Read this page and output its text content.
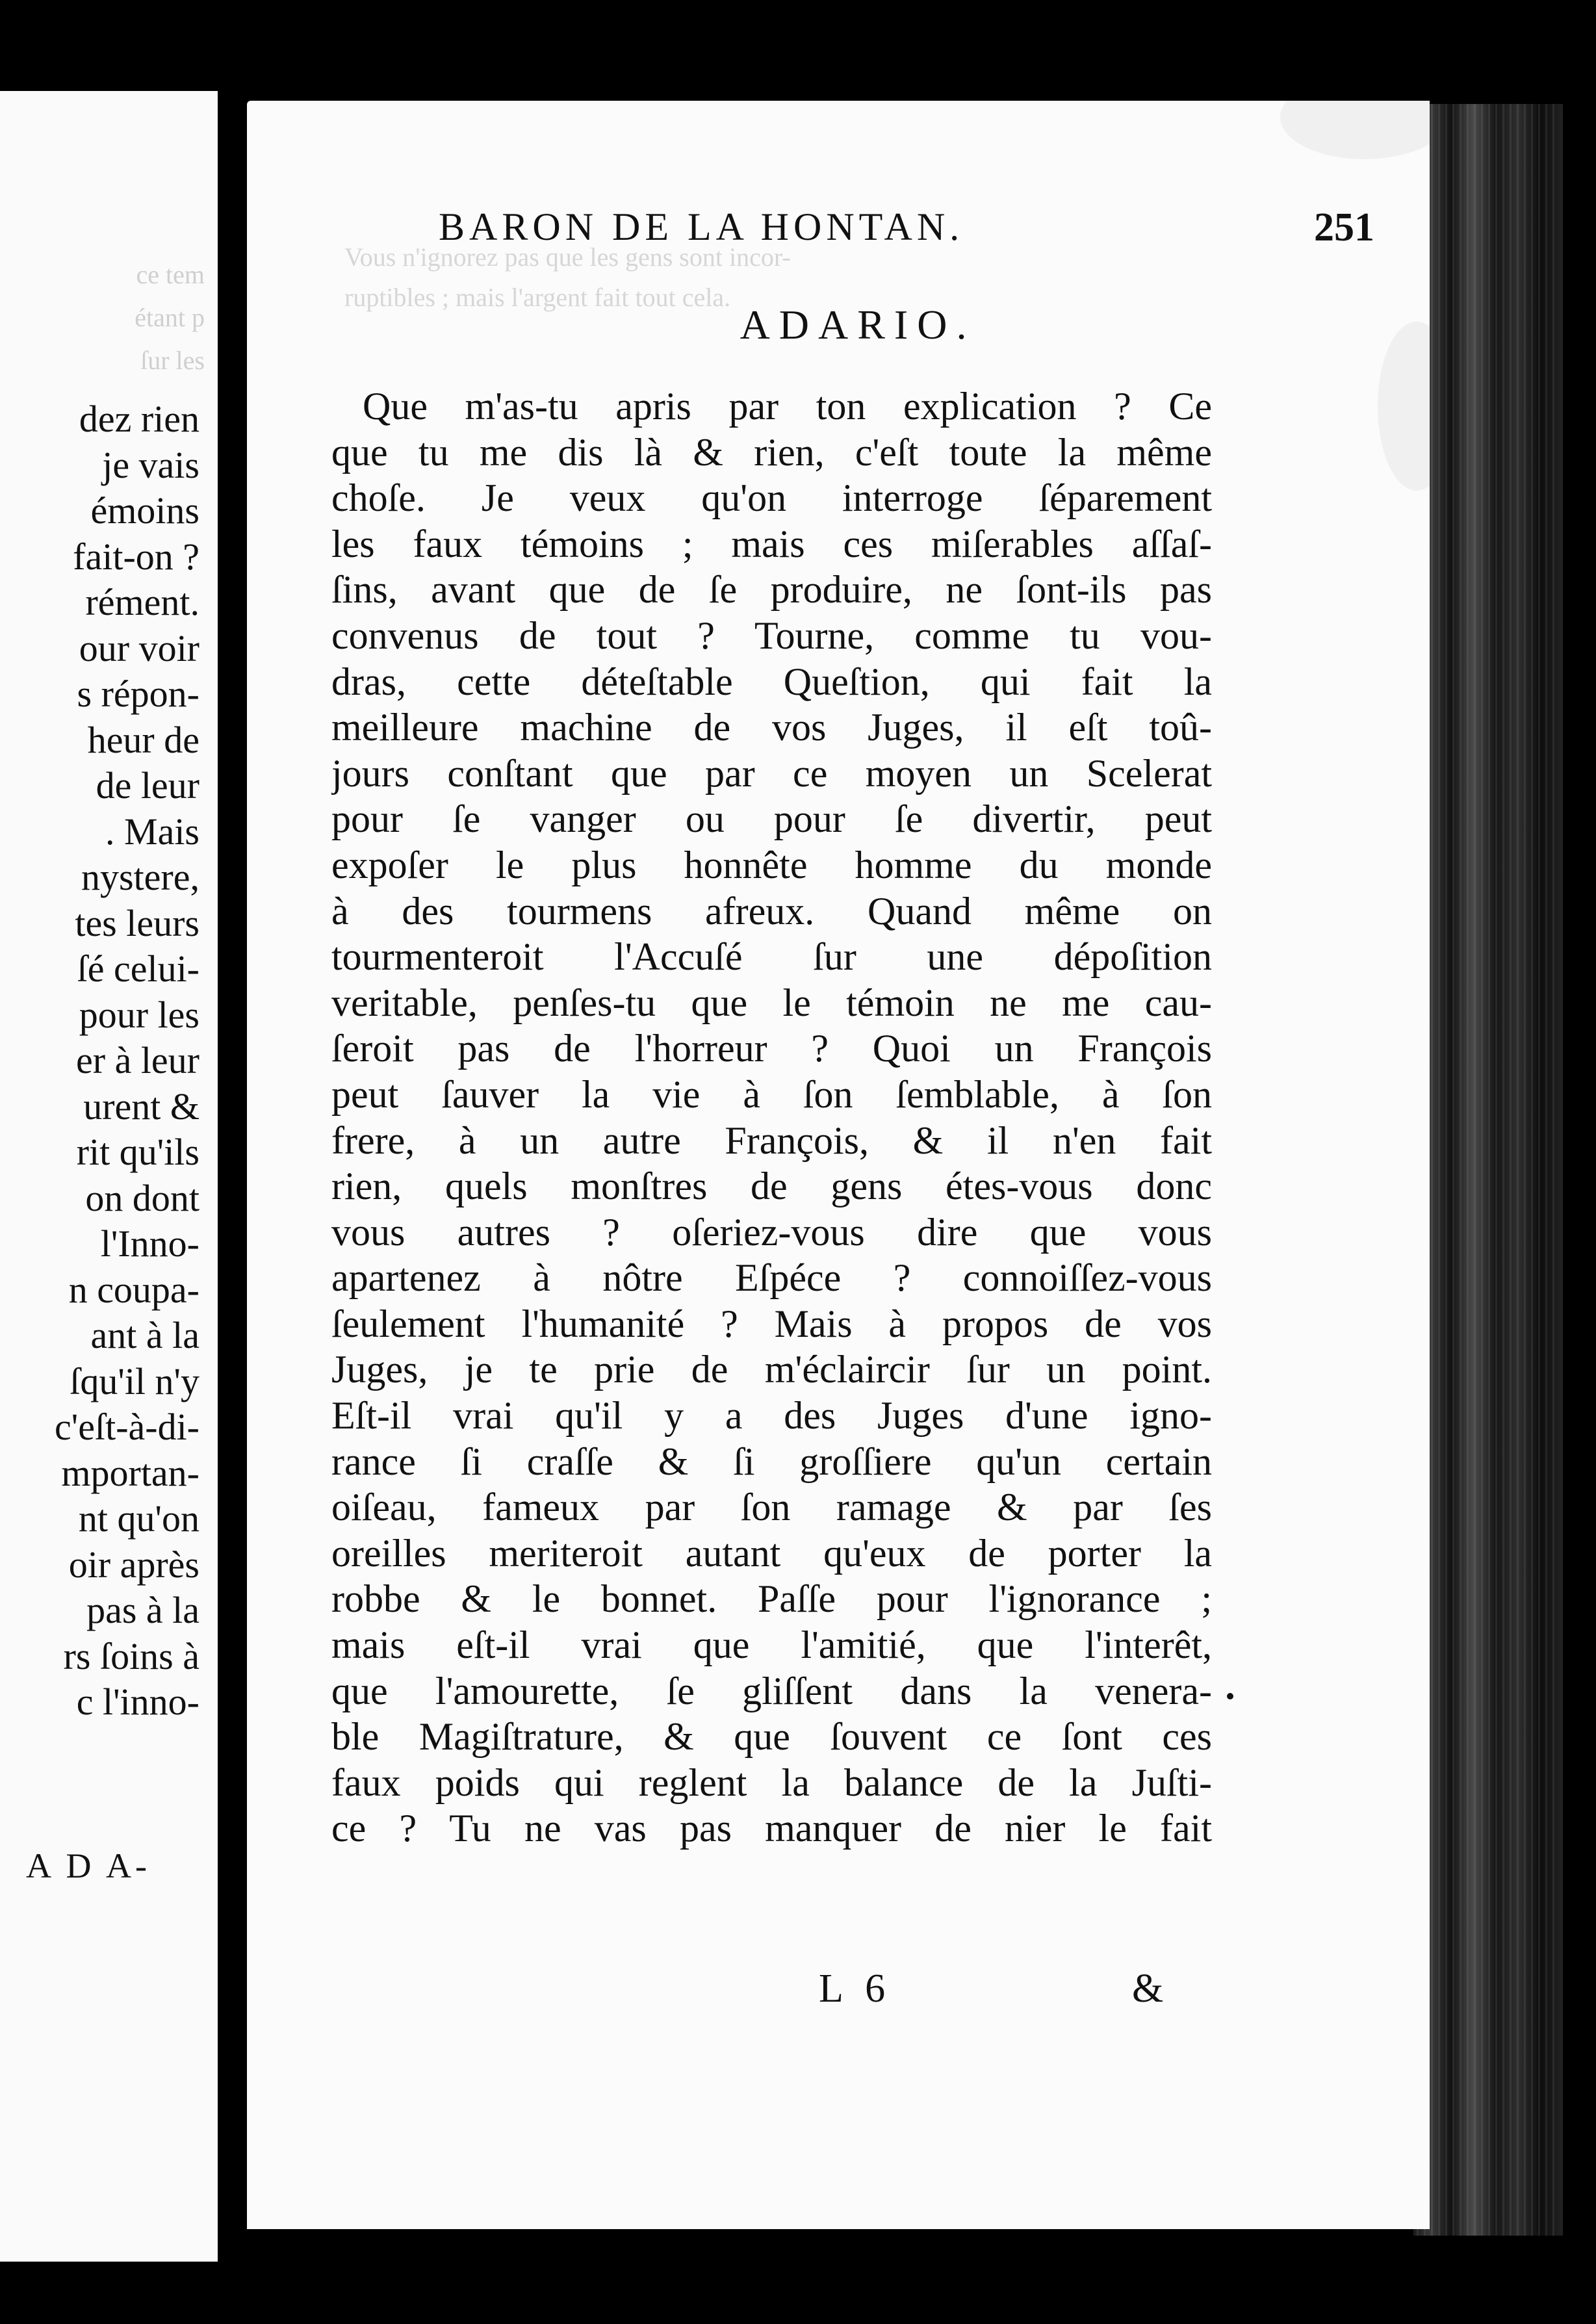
ce tem
étant p
ſur les
dez rien
je vais
émoins
fait-on ?
rément.
our voir
s répon-
heur de
de leur
. Mais
nystere,
tes leurs
ſé celui-
pour les
er à leur
urent &
rit qu'ils
on dont
l'Inno-
n coupa-
ant à la
ſqu'il n'y
c'eſt-à-di-
mportan-
nt qu'on
oir après
pas à la
rs ſoins à
c l'inno-
A D A-
Vous n'ignorez pas que les gens sont incor-
ruptibles ; mais l'argent fait tout cela.
BARON DE LA HONTAN.	251
ADARIO.
Que m'as-tu apris par ton explication ? Ce
que tu me dis là & rien, c'eſt toute la même
choſe. Je veux qu'on interroge ſéparement
les faux témoins ; mais ces miſerables aſſaſ-
ſins, avant que de ſe produire, ne ſont-ils pas
convenus de tout ? Tourne, comme tu vou-
dras, cette déteſtable Queſtion, qui fait la
meilleure machine de vos Juges, il eſt toû-
jours conſtant que par ce moyen un Scelerat
pour ſe vanger ou pour ſe divertir, peut
expoſer le plus honnête homme du monde
à des tourmens afreux. Quand même on
tourmenteroit l'Accuſé ſur une dépoſition
veritable, penſes-tu que le témoin ne me cau-
ſeroit pas de l'horreur ? Quoi un François
peut ſauver la vie à ſon ſemblable, à ſon
frere, à un autre François, & il n'en fait
rien, quels monſtres de gens étes-vous donc
vous autres ? oſeriez-vous dire que vous
apartenez à nôtre Eſpéce ? connoiſſez-vous
ſeulement l'humanité ? Mais à propos de vos
Juges, je te prie de m'éclaircir ſur un point.
Eſt-il vrai qu'il y a des Juges d'une igno-
rance ſi craſſe & ſi groſſiere qu'un certain
oiſeau, fameux par ſon ramage & par ſes
oreilles meriteroit autant qu'eux de porter la
robbe & le bonnet. Paſſe pour l'ignorance ;
mais eſt-il vrai que l'amitié, que l'interêt,
que l'amourette, ſe gliſſent dans la venera-
ble Magiſtrature, & que ſouvent ce ſont ces
faux poids qui reglent la balance de la Juſti-
ce ? Tu ne vas pas manquer de nier le fait
L 6	&
